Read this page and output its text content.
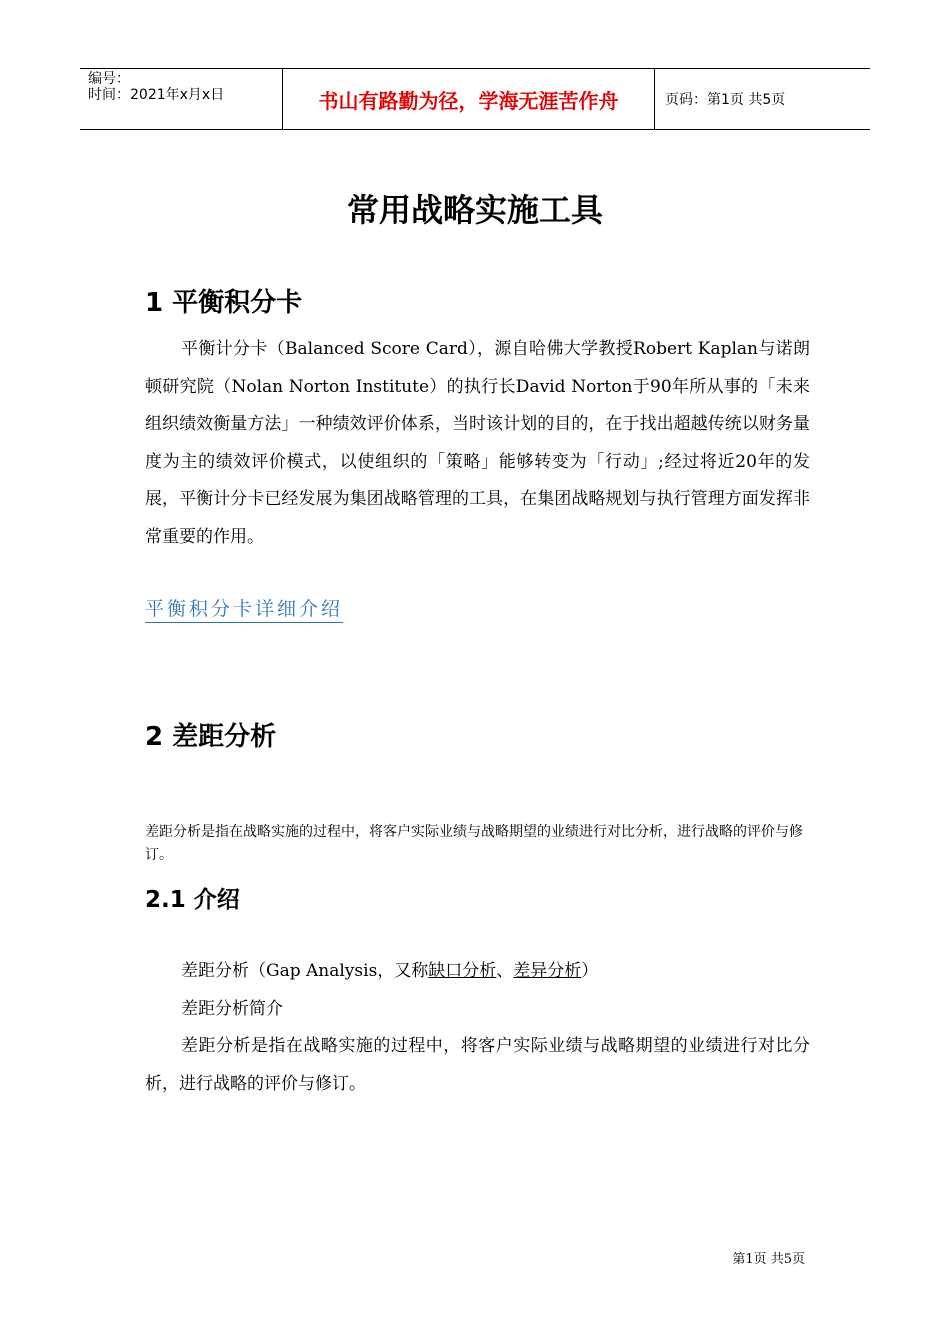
编号：
时间：2021年x月x日	书山有路勤为径，学海无涯苦作舟	页码：第1页 共5页
常用战略实施工具
1 平衡积分卡

平衡计分卡（Balanced Score Card），源自哈佛大学教授Robert Kaplan与诺朗顿研究院（Nolan Norton Institute）的执行长David Norton于90年所从事的「未来组织绩效衡量方法」一种绩效评价体系，当时该计划的目的，在于找出超越传统以财务量度为主的绩效评价模式，以使组织的「策略」能够转变为「行动」;经过将近20年的发展，平衡计分卡已经发展为集团战略管理的工具，在集团战略规划与执行管理方面发挥非常重要的作用。

平衡积分卡详细介绍
2 差距分析
差距分析是指在战略实施的过程中，将客户实际业绩与战略期望的业绩进行对比分析，进行战略的评价与修订。
2.1 介绍
差距分析（Gap Analysis，又称缺口分析、差异分析）
差距分析简介

差距分析是指在战略实施的过程中，将客户实际业绩与战略期望的业绩进行对比分析，进行战略的评价与修订。

第1页 共5页
